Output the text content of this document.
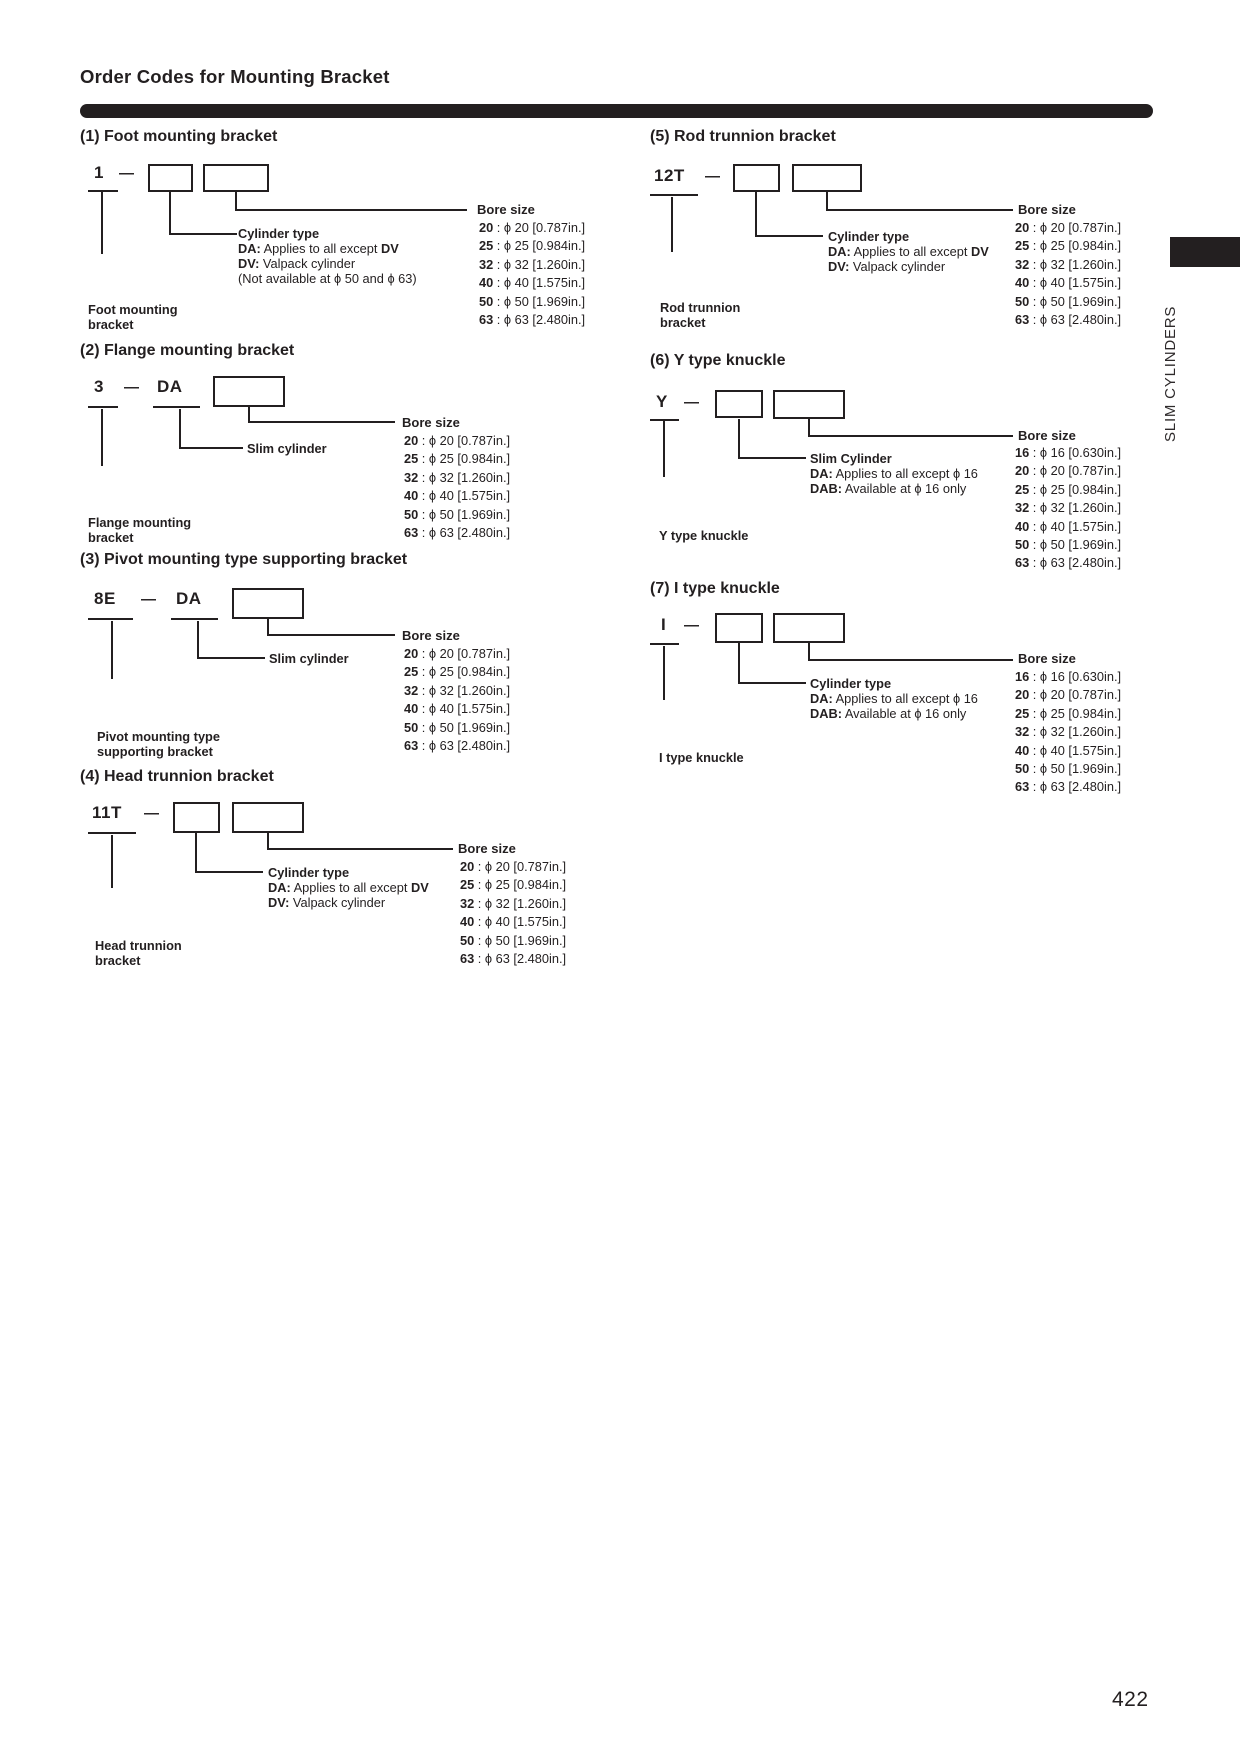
Order Codes for Mounting Bracket
SLIM CYLINDERS
(1) Foot mounting bracket
1 —

Foot mounting
bracket
Cylinder type
DA: Applies to all except DV
DV: Valpack cylinder
(Not available at ϕ 50 and ϕ 63)
Bore size
20 : ϕ 20 [0.787in.]
25 : ϕ 25 [0.984in.]
32 : ϕ 32 [1.260in.]
40 : ϕ 40 [1.575in.]
50 : ϕ 50 [1.969in.]
63 : ϕ 63 [2.480in.]
(2) Flange mounting bracket
3 — DA
Bore size
20 : ϕ 20 [0.787in.]
25 : ϕ 25 [0.984in.]
32 : ϕ 32 [1.260in.]
40 : ϕ 40 [1.575in.]
50 : ϕ 50 [1.969in.]
63 : ϕ 63 [2.480in.]
Slim cylinder

Flange mounting
bracket
(3) Pivot mounting type supporting bracket
8E — DA
Bore size
20 : ϕ 20 [0.787in.]
25 : ϕ 25 [0.984in.]
32 : ϕ 32 [1.260in.]
40 : ϕ 40 [1.575in.]
50 : ϕ 50 [1.969in.]
63 : ϕ 63 [2.480in.]
Slim cylinder

Pivot mounting type
supporting bracket
(4) Head trunnion bracket
11T —
Bore size
20 : ϕ 20 [0.787in.]
25 : ϕ 25 [0.984in.]
32 : ϕ 32 [1.260in.]
40 : ϕ 40 [1.575in.]
50 : ϕ 50 [1.969in.]
63 : ϕ 63 [2.480in.]
Cylinder type
DA: Applies to all except DV
DV: Valpack cylinder

Head trunnion
bracket
(5) Rod trunnion bracket
12T —
Bore size
20 : ϕ 20 [0.787in.]
25 : ϕ 25 [0.984in.]
32 : ϕ 32 [1.260in.]
40 : ϕ 40 [1.575in.]
50 : ϕ 50 [1.969in.]
63 : ϕ 63 [2.480in.]
Cylinder type
DA: Applies to all except DV
DV: Valpack cylinder

Rod trunnion
bracket
(6) Y type knuckle
Y —
Bore size
16 : ϕ 16 [0.630in.]
20 : ϕ 20 [0.787in.]
25 : ϕ 25 [0.984in.]
32 : ϕ 32 [1.260in.]
40 : ϕ 40 [1.575in.]
50 : ϕ 50 [1.969in.]
63 : ϕ 63 [2.480in.]
Slim Cylinder
DA: Applies to all except ϕ 16
DAB: Available at ϕ 16 only

Y type knuckle
(7) I type knuckle
I —
Bore size
16 : ϕ 16 [0.630in.]
20 : ϕ 20 [0.787in.]
25 : ϕ 25 [0.984in.]
32 : ϕ 32 [1.260in.]
40 : ϕ 40 [1.575in.]
50 : ϕ 50 [1.969in.]
63 : ϕ 63 [2.480in.]
Cylinder type
DA: Applies to all except ϕ 16
DAB: Available at ϕ 16 only

I type knuckle
422
